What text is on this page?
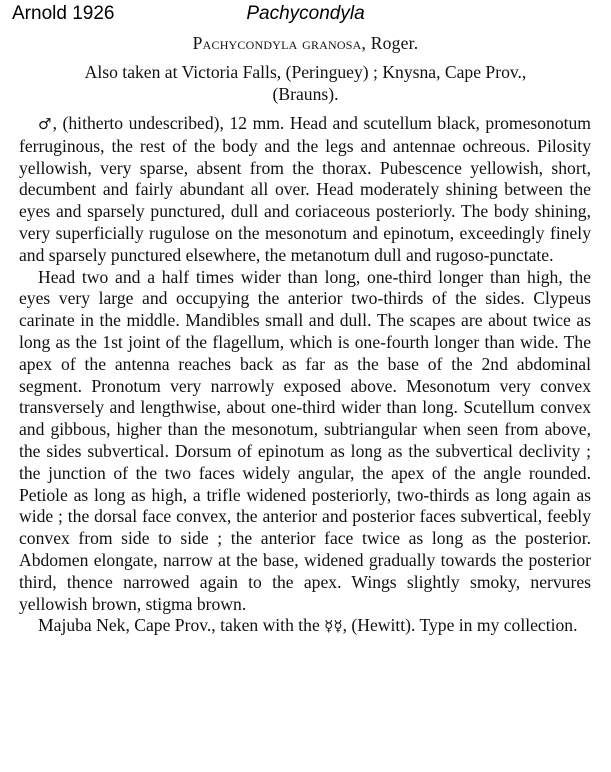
Arnold 1926	Pachycondyla
Pachycondyla granosa, Roger.
Also taken at Victoria Falls, (Peringuey) ; Knysna, Cape Prov.,
(Brauns).

♂, (hitherto undescribed), 12 mm. Head and scutellum black, promesonotum ferruginous, the rest of the body and the legs and antennae ochreous. Pilosity yellowish, very sparse, absent from the thorax. Pubescence yellowish, short, decumbent and fairly abundant all over. Head moderately shining between the eyes and sparsely punctured, dull and coriaceous posteriorly. The body shining, very superficially rugulose on the mesonotum and epinotum, exceedingly finely and sparsely punctured elsewhere, the metanotum dull and rugoso-punctate.

Head two and a half times wider than long, one-third longer than high, the eyes very large and occupying the anterior two-thirds of the sides. Clypeus carinate in the middle. Mandibles small and dull. The scapes are about twice as long as the 1st joint of the flagellum, which is one-fourth longer than wide. The apex of the antenna reaches back as far as the base of the 2nd abdominal segment. Pronotum very narrowly exposed above. Mesonotum very convex transversely and lengthwise, about one-third wider than long. Scutellum convex and gibbous, higher than the mesonotum, subtriangular when seen from above, the sides subvertical. Dorsum of epinotum as long as the subvertical declivity ; the junction of the two faces widely angular, the apex of the angle rounded. Petiole as long as high, a trifle widened posteriorly, two-thirds as long again as wide ; the dorsal face convex, the anterior and posterior faces subvertical, feebly convex from side to side ; the anterior face twice as long as the posterior. Abdomen elongate, narrow at the base, widened gradually towards the posterior third, thence narrowed again to the apex. Wings slightly smoky, nervures yellowish brown, stigma brown.

Majuba Nek, Cape Prov., taken with the ☿☿, (Hewitt). Type in my collection.
